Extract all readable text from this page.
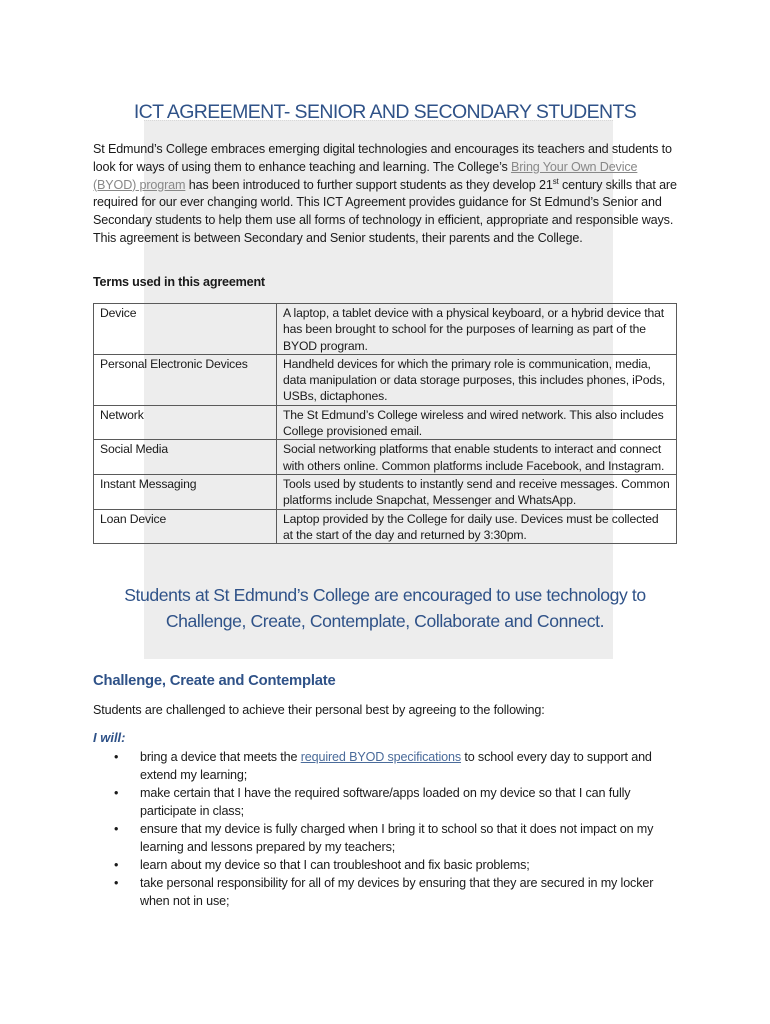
ICT AGREEMENT- SENIOR AND SECONDARY STUDENTS

St Edmund’s College embraces emerging digital technologies and encourages its teachers and students to look for ways of using them to enhance teaching and learning. The College’s Bring Your Own Device (BYOD) program has been introduced to further support students as they develop 21st century skills that are required for our ever changing world. This ICT Agreement provides guidance for St Edmund’s Senior and Secondary students to help them use all forms of technology in efficient, appropriate and responsible ways. This agreement is between Secondary and Senior students, their parents and the College.

Terms used in this agreement
Device	A laptop, a tablet device with a physical keyboard, or a hybrid device that has been brought to school for the purposes of learning as part of the BYOD program.
Personal Electronic Devices	Handheld devices for which the primary role is communication, media, data manipulation or data storage purposes, this includes phones, iPods, USBs, dictaphones.
Network	The St Edmund’s College wireless and wired network. This also includes College provisioned email.
Social Media	Social networking platforms that enable students to interact and connect with others online. Common platforms include Facebook, and Instagram.
Instant Messaging	Tools used by students to instantly send and receive messages. Common platforms include Snapchat, Messenger and WhatsApp.
Loan Device	Laptop provided by the College for daily use. Devices must be collected at the start of the day and returned by 3:30pm.
Students at St Edmund’s College are encouraged to use technology to
Challenge, Create, Contemplate, Collaborate and Connect.
Challenge, Create and Contemplate
Students are challenged to achieve their personal best by agreeing to the following:
I will:
• bring a device that meets the required BYOD specifications to school every day to support and extend my learning;
• make certain that I have the required software/apps loaded on my device so that I can fully participate in class;
• ensure that my device is fully charged when I bring it to school so that it does not impact on my learning and lessons prepared by my teachers;
• learn about my device so that I can troubleshoot and fix basic problems;
• take personal responsibility for all of my devices by ensuring that they are secured in my locker when not in use;
